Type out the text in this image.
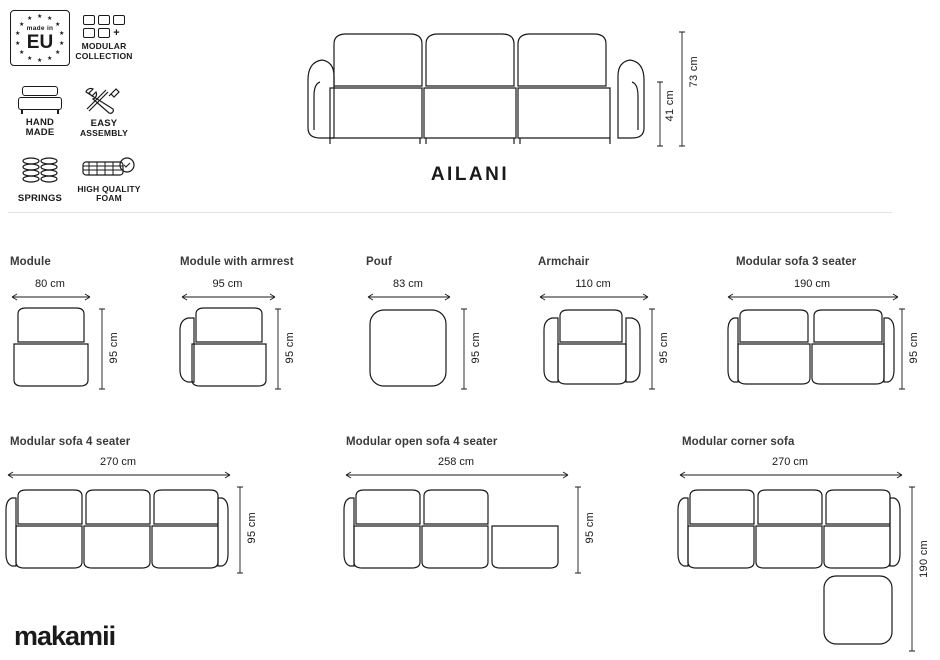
★
★ ★
★	★
★	★
★	★
★	★
★ ★
★
made in
EU	+
MODULAR
COLLECTION
HAND
MADE
EASY
ASSEMBLY
SPRINGS
HIGH QUALITY
FOAM
73 cm
41 cm
AILANI
Module
80 cm
95 cm
Module with armrest
95 cm
95 cm
Pouf
83 cm
95 cm
Armchair
110 cm
95 cm
Modular sofa 3 seater
190 cm
95 cm
Modular sofa 4 seater
270 cm
95 cm
Modular open sofa 4 seater
258 cm
95 cm
Modular corner sofa
270 cm
190 cm
makamii
